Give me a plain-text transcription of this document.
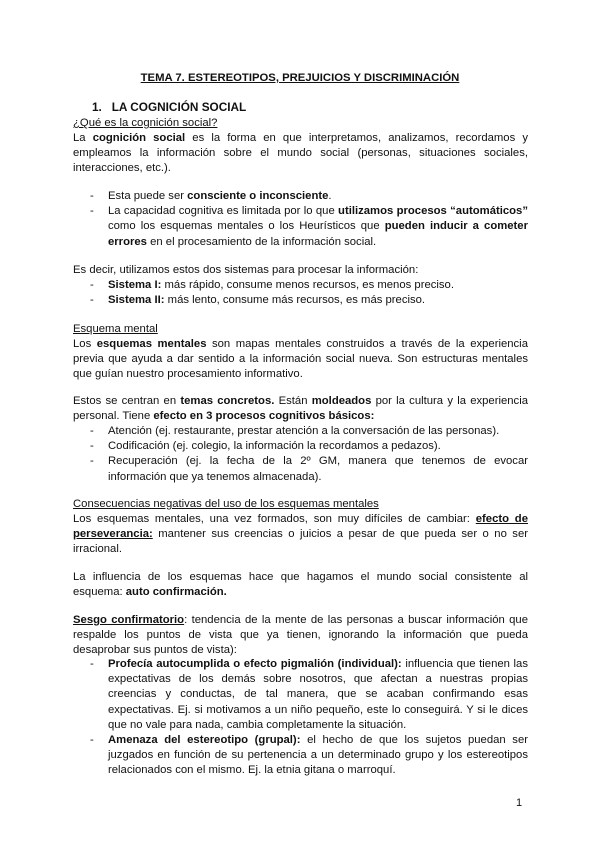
TEMA 7. ESTEREOTIPOS, PREJUICIOS Y DISCRIMINACIÓN
1. LA COGNICIÓN SOCIAL
¿Qué es la cognición social?

La cognición social es la forma en que interpretamos, analizamos, recordamos y empleamos la información sobre el mundo social (personas, situaciones sociales, interacciones, etc.).

- Esta puede ser consciente o inconsciente.
- La capacidad cognitiva es limitada por lo que utilizamos procesos “automáticos” como los esquemas mentales o los Heurísticos que pueden inducir a cometer errores en el procesamiento de la información social.

Es decir, utilizamos estos dos sistemas para procesar la información:

- Sistema I: más rápido, consume menos recursos, es menos preciso.
- Sistema II: más lento, consume más recursos, es más preciso.
Esquema mental

Los esquemas mentales son mapas mentales construidos a través de la experiencia previa que ayuda a dar sentido a la información social nueva. Son estructuras mentales que guían nuestro procesamiento informativo.

Estos se centran en temas concretos. Están moldeados por la cultura y la experiencia personal. Tiene efecto en 3 procesos cognitivos básicos:

- Atención (ej. restaurante, prestar atención a la conversación de las personas).
- Codificación (ej. colegio, la información la recordamos a pedazos).
- Recuperación (ej. la fecha de la 2º GM, manera que tenemos de evocar información que ya tenemos almacenada).
Consecuencias negativas del uso de los esquemas mentales

Los esquemas mentales, una vez formados, son muy difíciles de cambiar: efecto de perseverancia: mantener sus creencias o juicios a pesar de que pueda ser o no ser irracional.

La influencia de los esquemas hace que hagamos el mundo social consistente al esquema: auto confirmación.

Sesgo confirmatorio: tendencia de la mente de las personas a buscar información que respalde los puntos de vista que ya tienen, ignorando la información que pueda desaprobar sus puntos de vista):

- Profecía autocumplida o efecto pigmalión (individual): influencia que tienen las expectativas de los demás sobre nosotros, que afectan a nuestras propias creencias y conductas, de tal manera, que se acaban confirmando esas expectativas. Ej. si motivamos a un niño pequeño, este lo conseguirá. Y si le dices que no vale para nada, cambia completamente la situación.
- Amenaza del estereotipo (grupal): el hecho de que los sujetos puedan ser juzgados en función de su pertenencia a un determinado grupo y los estereotipos relacionados con el mismo. Ej. la etnia gitana o marroquí.
1
